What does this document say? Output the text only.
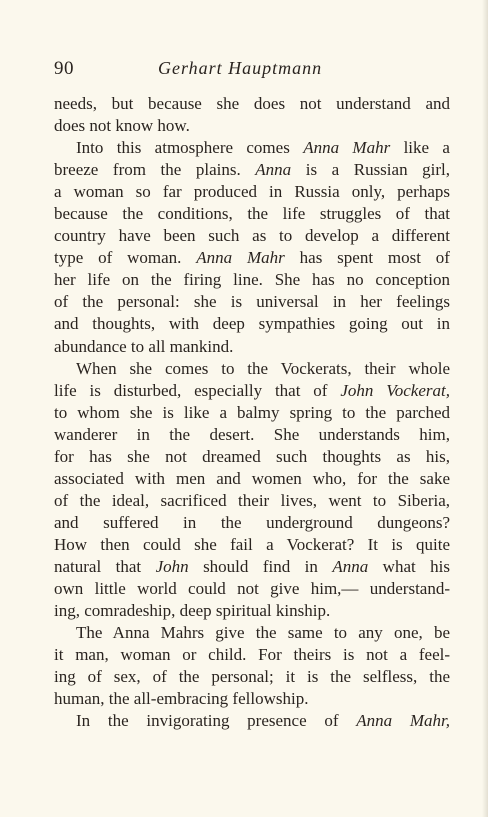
90	Gerhart Hauptmann
needs, but because she does not understand and
does not know how.
Into this atmosphere comes Anna Mahr like a
breeze from the plains. Anna is a Russian girl,
a woman so far produced in Russia only, perhaps
because the conditions, the life struggles of that
country have been such as to develop a different
type of woman. Anna Mahr has spent most of
her life on the firing line. She has no conception
of the personal: she is universal in her feelings
and thoughts, with deep sympathies going out in
abundance to all mankind.
When she comes to the Vockerats, their whole
life is disturbed, especially that of John Vockerat,
to whom she is like a balmy spring to the parched
wanderer in the desert. She understands him,
for has she not dreamed such thoughts as his,
associated with men and women who, for the sake
of the ideal, sacrificed their lives, went to Siberia,
and suffered in the underground dungeons?
How then could she fail a Vockerat? It is quite
natural that John should find in Anna what his
own little world could not give him,— understand-
ing, comradeship, deep spiritual kinship.
The Anna Mahrs give the same to any one, be
it man, woman or child. For theirs is not a feel-
ing of sex, of the personal; it is the selfless, the
human, the all-embracing fellowship.
In the invigorating presence of Anna Mahr,
